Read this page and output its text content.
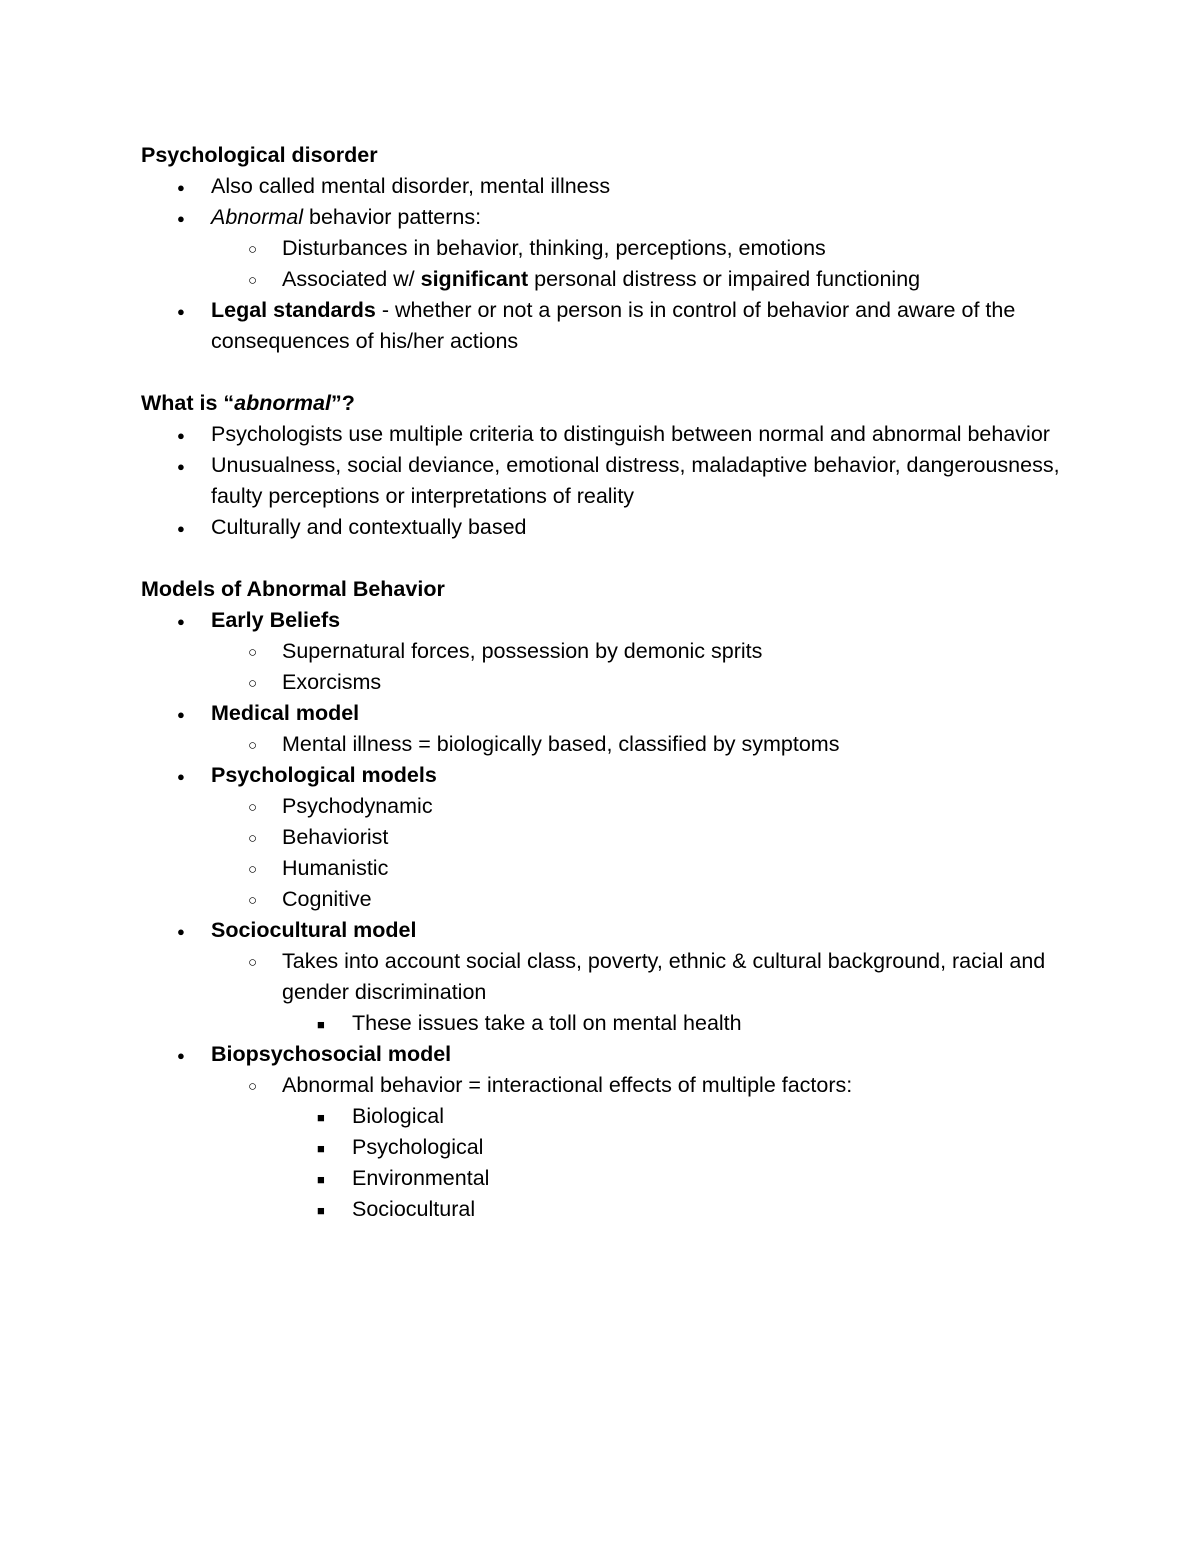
Psychological disorder
●
Also called mental disorder, mental illness
●
Abnormal behavior patterns:
○
Disturbances in behavior, thinking, perceptions, emotions
○
Associated w/ significant personal distress or impaired functioning
●
Legal standards - whether or not a person is in control of behavior and aware of the consequences of his/her actions
What is “abnormal”?
●
Psychologists use multiple criteria to distinguish between normal and abnormal behavior
●
Unusualness, social deviance, emotional distress, maladaptive behavior, dangerousness, faulty perceptions or interpretations of reality
●
Culturally and contextually based
Models of Abnormal Behavior
●
Early Beliefs
○
Supernatural forces, possession by demonic sprits
○
Exorcisms
●
Medical model
○
Mental illness = biologically based, classified by symptoms
●
Psychological models
○
Psychodynamic
○
Behaviorist
○
Humanistic
○
Cognitive
●
Sociocultural model
○
Takes into account social class, poverty, ethnic & cultural background, racial and gender discrimination
■
These issues take a toll on mental health
●
Biopsychosocial model
○
Abnormal behavior = interactional effects of multiple factors:
■
Biological
■
Psychological
■
Environmental
■
Sociocultural
